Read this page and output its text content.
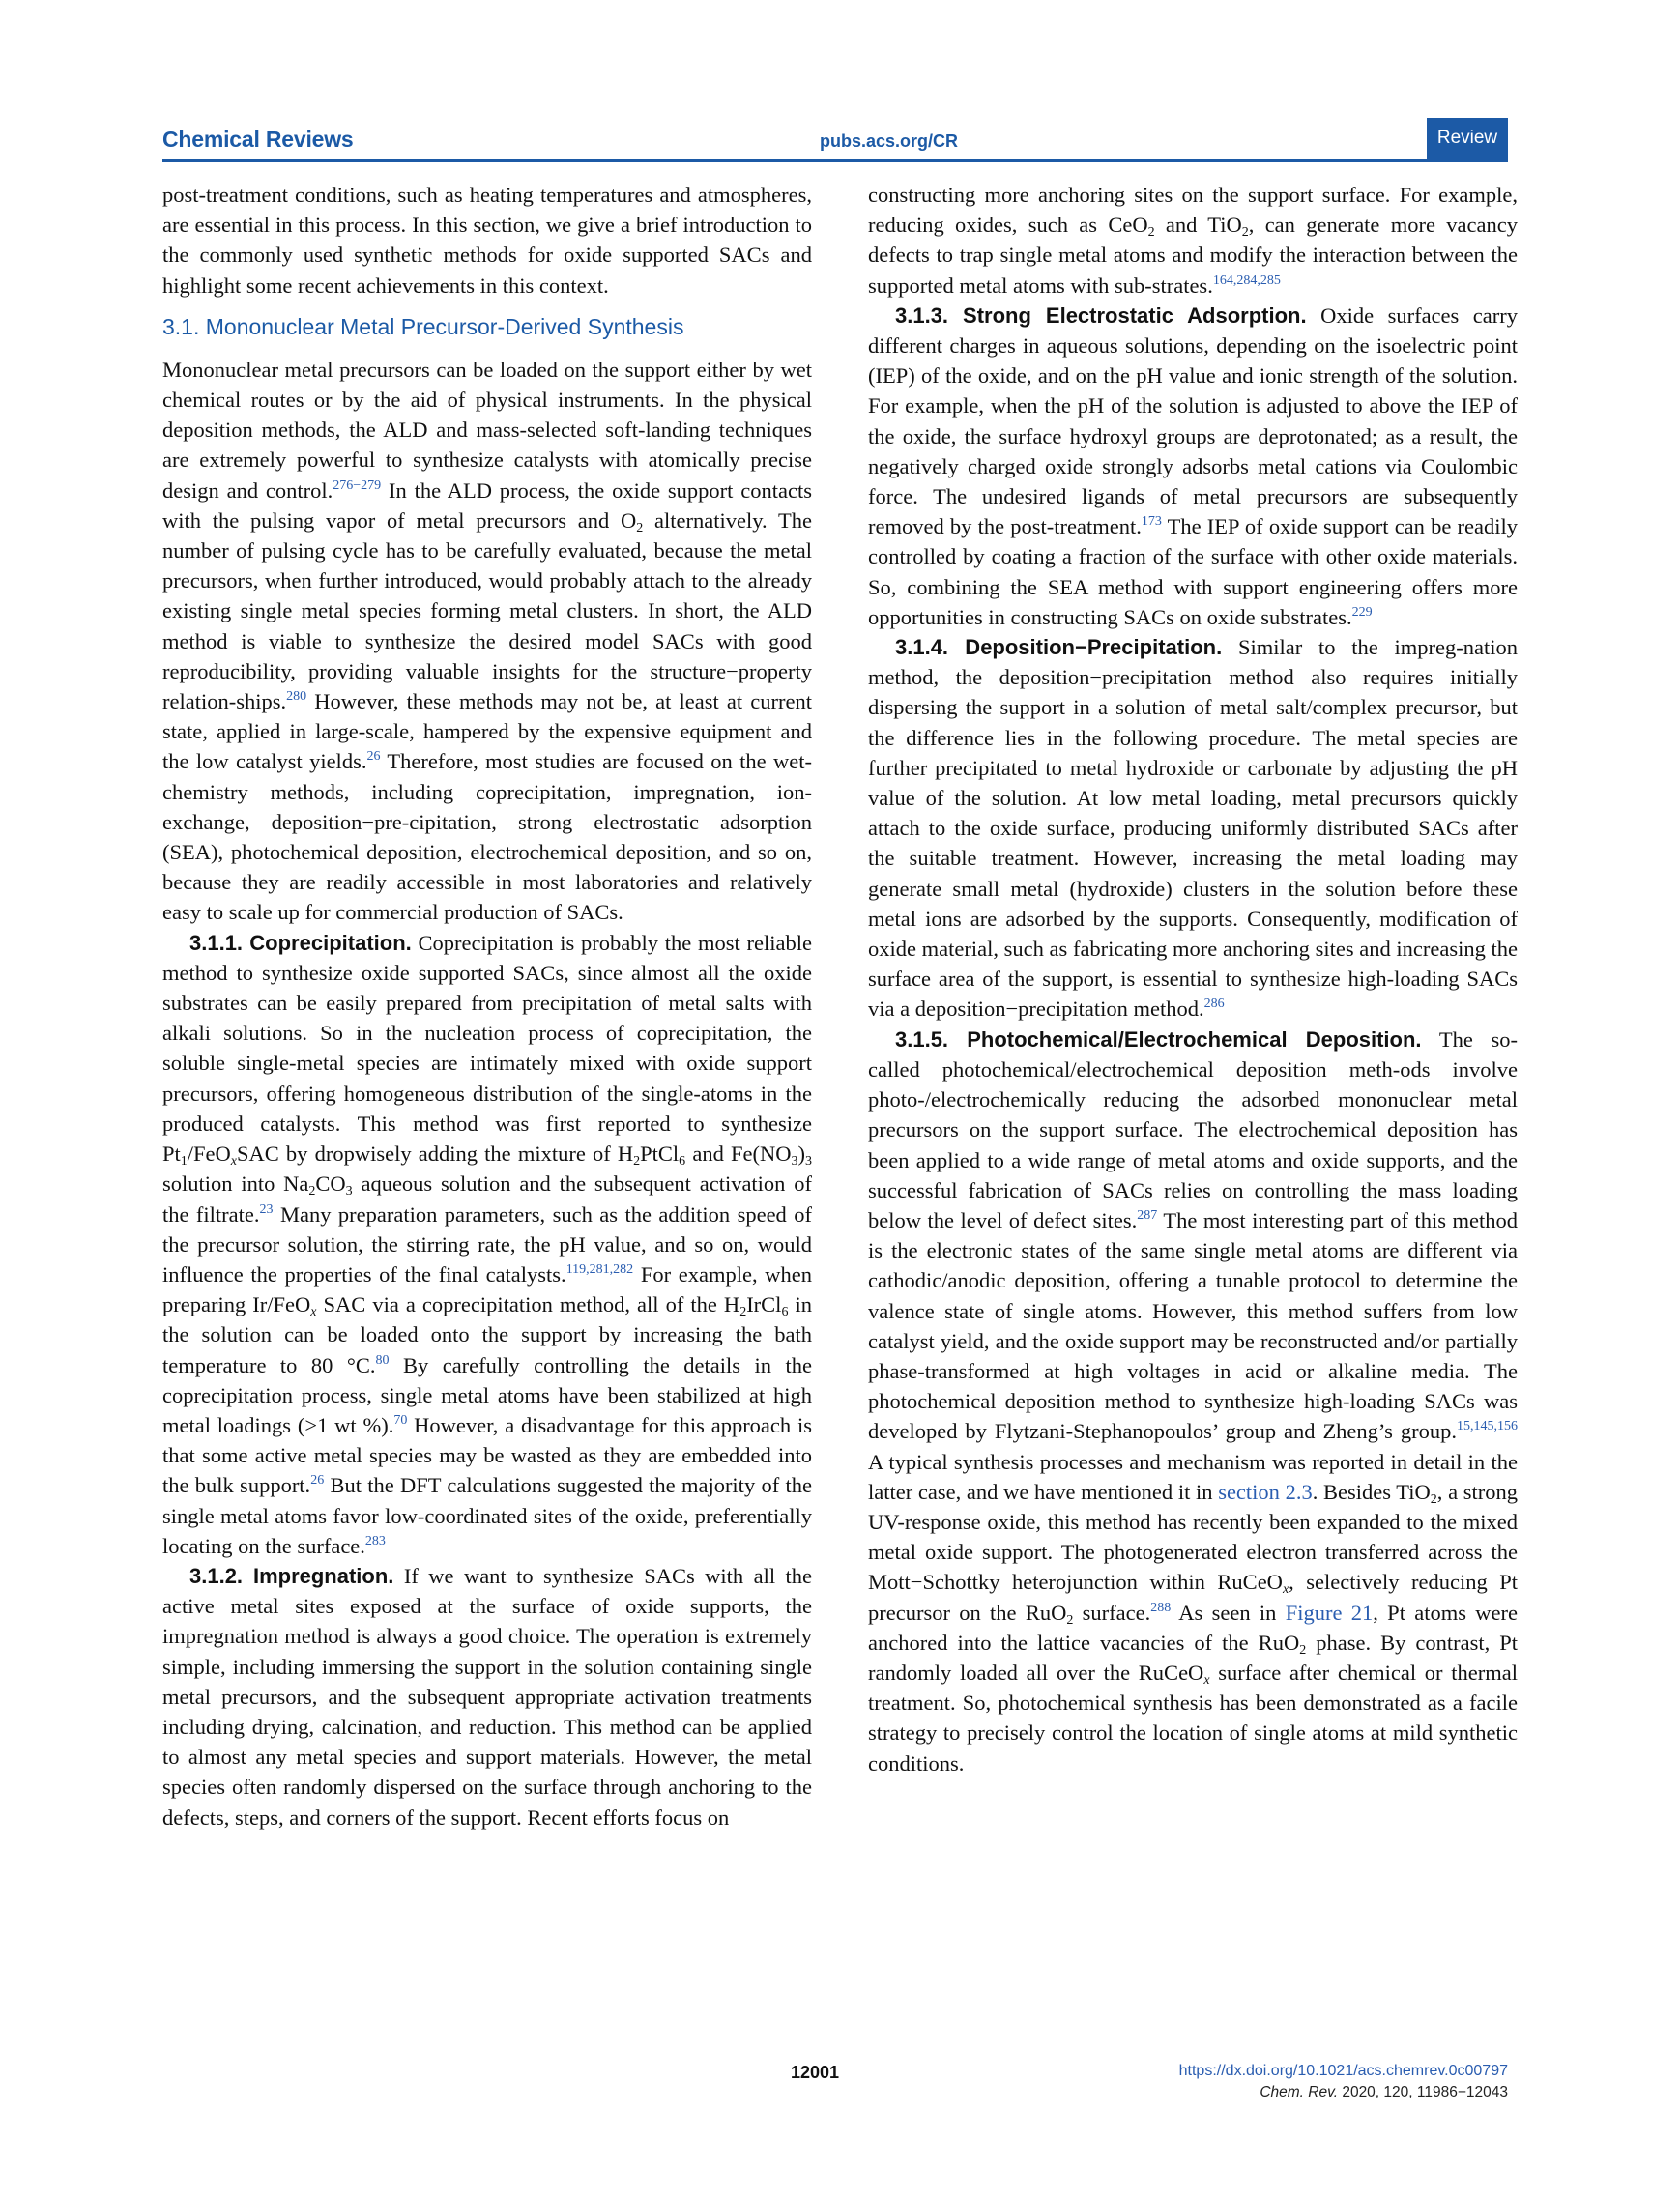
Chemical Reviews	pubs.acs.org/CR	Review

post-treatment conditions, such as heating temperatures and atmospheres, are essential in this process. In this section, we give a brief introduction to the commonly used synthetic methods for oxide supported SACs and highlight some recent achievements in this context.

3.1. Mononuclear Metal Precursor-Derived Synthesis

Mononuclear metal precursors can be loaded on the support either by wet chemical routes or by the aid of physical instruments. In the physical deposition methods, the ALD and mass-selected soft-landing techniques are extremely powerful to synthesize catalysts with atomically precise design and control.$^{276-279}$ In the ALD process, the oxide support contacts with the pulsing vapor of metal precursors and $O_2$ alternatively. The number of pulsing cycle has to be carefully evaluated, because the metal precursors, when further introduced, would probably attach to the already existing single metal species forming metal clusters. In short, the ALD method is viable to synthesize the desired model SACs with good reproducibility, providing valuable insights for the structure−property relation-ships.$^{280}$ However, these methods may not be, at least at current state, applied in large-scale, hampered by the expensive equipment and the low catalyst yields.$^{26}$ Therefore, most studies are focused on the wet-chemistry methods, including coprecipitation, impregnation, ion-exchange, deposition−pre-cipitation, strong electrostatic adsorption (SEA), photochemical deposition, electrochemical deposition, and so on, because they are readily accessible in most laboratories and relatively easy to scale up for commercial production of SACs.

3.1.1. Coprecipitation. Coprecipitation is probably the most reliable method to synthesize oxide supported SACs, since almost all the oxide substrates can be easily prepared from precipitation of metal salts with alkali solutions. So in the nucleation process of coprecipitation, the soluble single-metal species are intimately mixed with oxide support precursors, offering homogeneous distribution of the single-atoms in the produced catalysts. This method was first reported to synthesize $Pt_1/FeO_xSAC$ by dropwisely adding the mixture of $H_2PtCl_6$ and $Fe(NO_3)_3$ solution into $Na_2CO_3$ aqueous solution and the subsequent activation of the filtrate.$^{23}$ Many preparation parameters, such as the addition speed of the precursor solution, the stirring rate, the pH value, and so on, would influence the properties of the final catalysts.$^{119,281,282}$ For example, when preparing Ir/FeO$_x$ SAC via a coprecipitation method, all of the $H_2IrCl_6$ in the solution can be loaded onto the support by increasing the bath temperature to 80 °C.$^{80}$ By carefully controlling the details in the coprecipitation process, single metal atoms have been stabilized at high metal loadings (>1 wt %).$^{70}$ However, a disadvantage for this approach is that some active metal species may be wasted as they are embedded into the bulk support.$^{26}$ But the DFT calculations suggested the majority of the single metal atoms favor low-coordinated sites of the oxide, preferentially locating on the surface.$^{283}$

3.1.2. Impregnation. If we want to synthesize SACs with all the active metal sites exposed at the surface of oxide supports, the impregnation method is always a good choice. The operation is extremely simple, including immersing the support in the solution containing single metal precursors, and the subsequent appropriate activation treatments including drying, calcination, and reduction. This method can be applied to almost any metal species and support materials. However, the metal species often randomly dispersed on the surface through anchoring to the defects, steps, and corners of the support. Recent efforts focus on

constructing more anchoring sites on the support surface. For example, reducing oxides, such as CeO$_2$ and TiO$_2$, can generate more vacancy defects to trap single metal atoms and modify the interaction between the supported metal atoms with sub-strates.$^{164,284,285}$

3.1.3. Strong Electrostatic Adsorption. Oxide surfaces carry different charges in aqueous solutions, depending on the isoelectric point (IEP) of the oxide, and on the pH value and ionic strength of the solution. For example, when the pH of the solution is adjusted to above the IEP of the oxide, the surface hydroxyl groups are deprotonated; as a result, the negatively charged oxide strongly adsorbs metal cations via Coulombic force. The undesired ligands of metal precursors are subsequently removed by the post-treatment.$^{173}$ The IEP of oxide support can be readily controlled by coating a fraction of the surface with other oxide materials. So, combining the SEA method with support engineering offers more opportunities in constructing SACs on oxide substrates.$^{229}$

3.1.4. Deposition−Precipitation. Similar to the impreg-nation method, the deposition−precipitation method also requires initially dispersing the support in a solution of metal salt/complex precursor, but the difference lies in the following procedure. The metal species are further precipitated to metal hydroxide or carbonate by adjusting the pH value of the solution. At low metal loading, metal precursors quickly attach to the oxide surface, producing uniformly distributed SACs after the suitable treatment. However, increasing the metal loading may generate small metal (hydroxide) clusters in the solution before these metal ions are adsorbed by the supports. Consequently, modification of oxide material, such as fabricating more anchoring sites and increasing the surface area of the support, is essential to synthesize high-loading SACs via a deposition−precipitation method.$^{286}$

3.1.5. Photochemical/Electrochemical Deposition. The so-called photochemical/electrochemical deposition meth-ods involve photo-/electrochemically reducing the adsorbed mononuclear metal precursors on the support surface. The electrochemical deposition has been applied to a wide range of metal atoms and oxide supports, and the successful fabrication of SACs relies on controlling the mass loading below the level of defect sites.$^{287}$ The most interesting part of this method is the electronic states of the same single metal atoms are different via cathodic/anodic deposition, offering a tunable protocol to determine the valence state of single atoms. However, this method suffers from low catalyst yield, and the oxide support may be reconstructed and/or partially phase-transformed at high voltages in acid or alkaline media. The photochemical deposition method to synthesize high-loading SACs was developed by Flytzani-Stephanopoulos’ group and Zheng’s group.$^{15,145,156}$ A typical synthesis processes and mechanism was reported in detail in the latter case, and we have mentioned it in section 2.3. Besides TiO$_2$, a strong UV-response oxide, this method has recently been expanded to the mixed metal oxide support. The photogenerated electron transferred across the Mott−Schottky heterojunction within RuCeO$_x$, selectively reducing Pt precursor on the RuO$_2$ surface.$^{288}$ As seen in Figure 21, Pt atoms were anchored into the lattice vacancies of the RuO$_2$ phase. By contrast, Pt randomly loaded all over the RuCeO$_x$ surface after chemical or thermal treatment. So, photochemical synthesis has been demonstrated as a facile strategy to precisely control the location of single atoms at mild synthetic conditions.

12001	https://dx.doi.org/10.1021/acs.chemrev.0c00797
Chem. Rev. 2020, 120, 11986−12043
